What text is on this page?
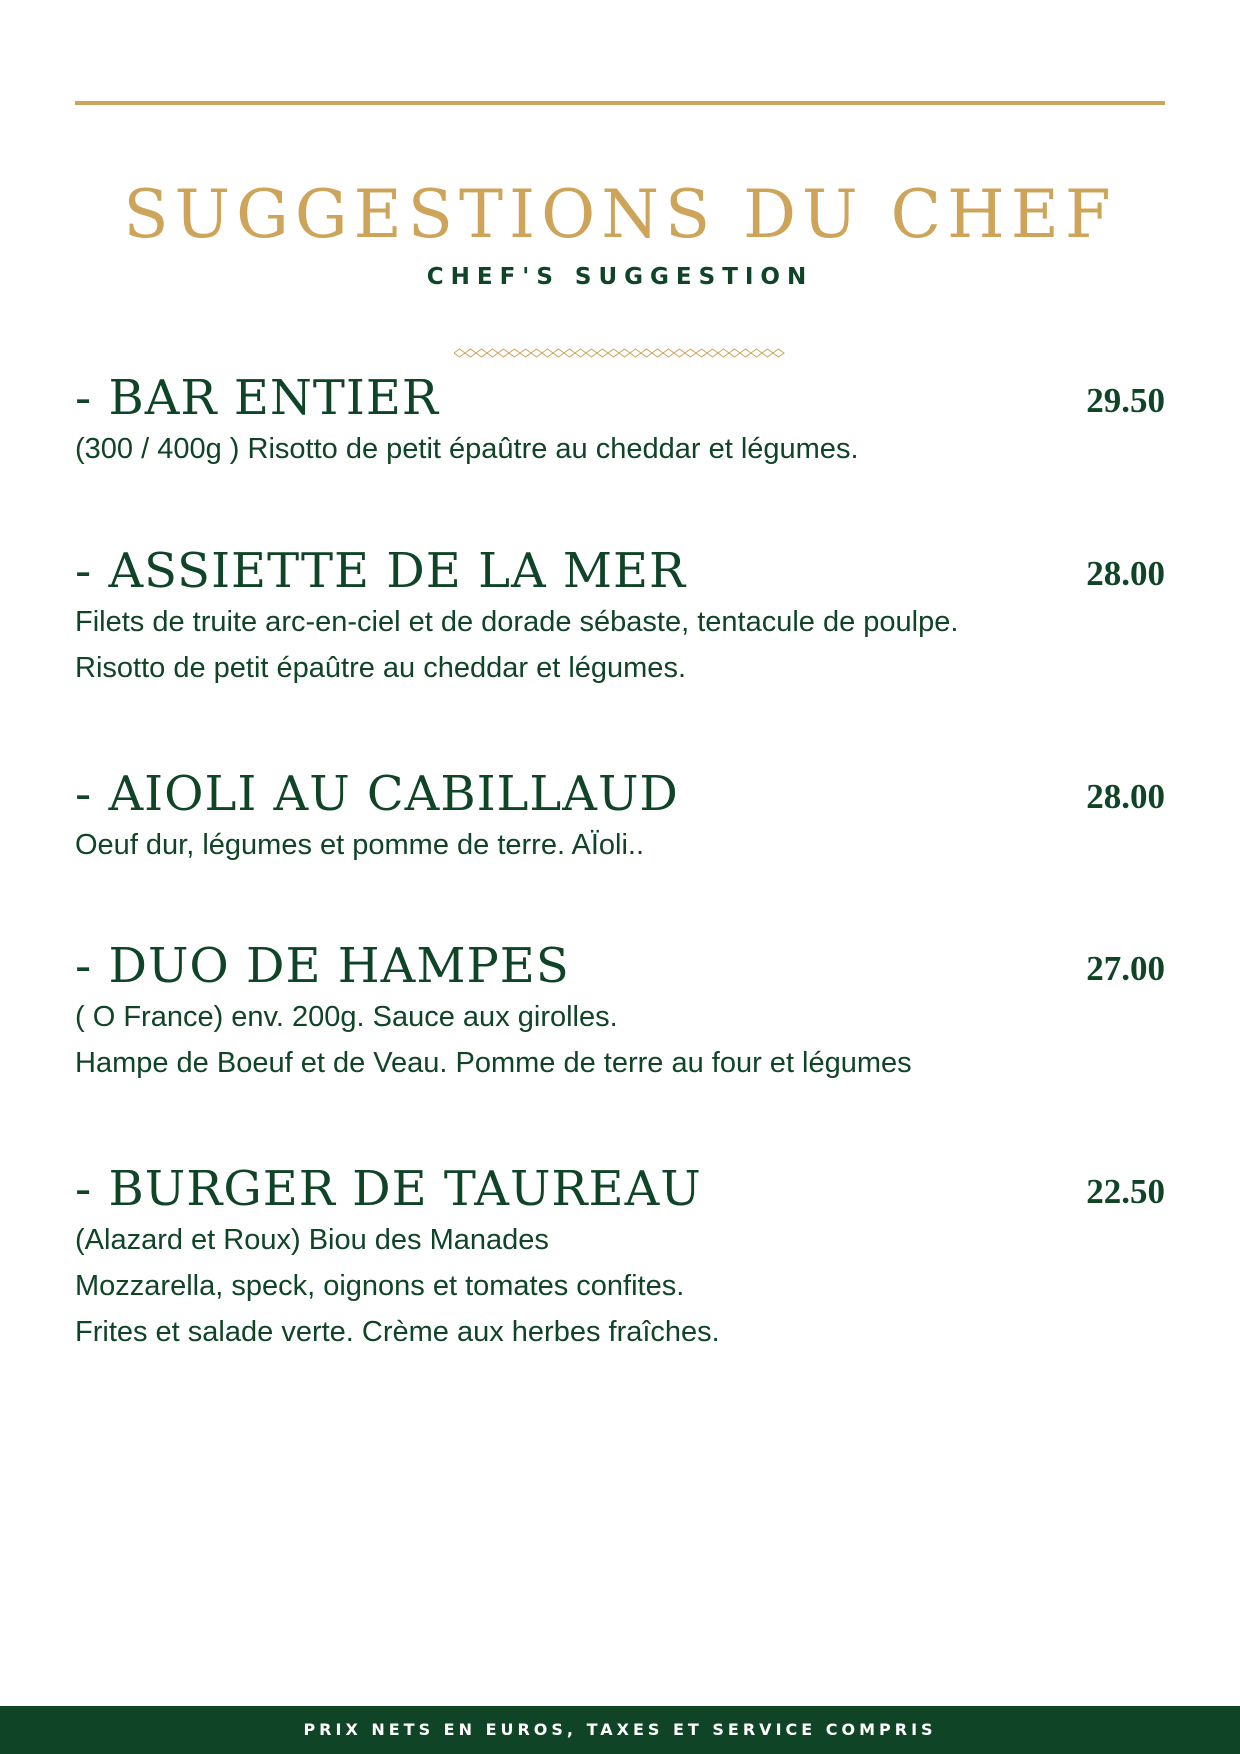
SUGGESTIONS DU CHEF
CHEF'S SUGGESTION
- BAR ENTIER	29.50
(300 / 400g ) Risotto de petit épaûtre au cheddar et légumes.
- ASSIETTE DE LA MER	28.00
Filets de truite arc-en-ciel et de dorade sébaste, tentacule de poulpe.
Risotto de petit épaûtre au cheddar et légumes.
- AIOLI AU CABILLAUD	28.00
Oeuf dur, légumes et pomme de terre. AÏoli..
- DUO DE HAMPES	27.00
( O France) env. 200g. Sauce aux girolles.
Hampe de Boeuf et de Veau. Pomme de terre au four et légumes
- BURGER DE TAUREAU	22.50
(Alazard et Roux) Biou des Manades
Mozzarella, speck, oignons et tomates confites.
Frites et salade verte. Crème aux herbes fraîches.
PRIX NETS EN EUROS, TAXES ET SERVICE COMPRIS
